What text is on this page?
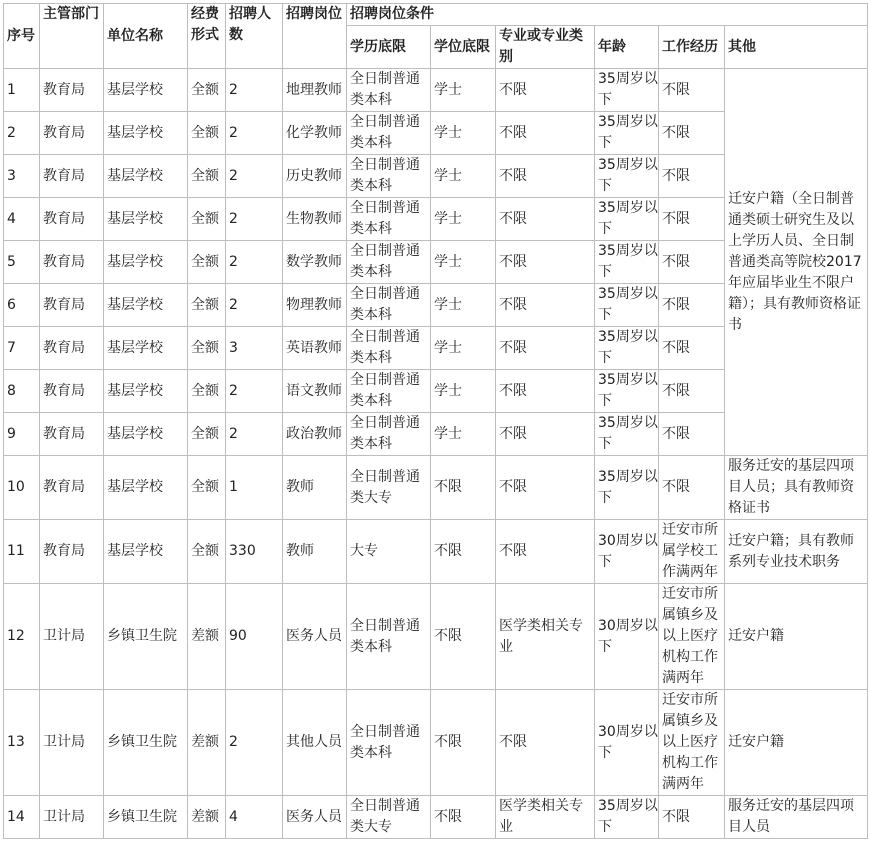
序号	主管部门	单位名称	经费形式	招聘人数	招聘岗位	招聘岗位条件					
						学历底限	学位底限	专业或专业类别	年龄	工作经历	其他
1	教育局	基层学校	全额	2	地理教师	全日制普通类本科	学士	不限	35周岁以下	不限	迁安户籍（全日制普通类硕士研究生及以上学历人员、全日制普通类高等院校2017年应届毕业生不限户籍）；具有教师资格证书
2	教育局	基层学校	全额	2	化学教师	全日制普通类本科	学士	不限	35周岁以下	不限	
3	教育局	基层学校	全额	2	历史教师	全日制普通类本科	学士	不限	35周岁以下	不限	
4	教育局	基层学校	全额	2	生物教师	全日制普通类本科	学士	不限	35周岁以下	不限	
5	教育局	基层学校	全额	2	数学教师	全日制普通类本科	学士	不限	35周岁以下	不限	
6	教育局	基层学校	全额	2	物理教师	全日制普通类本科	学士	不限	35周岁以下	不限	
7	教育局	基层学校	全额	3	英语教师	全日制普通类本科	学士	不限	35周岁以下	不限	
8	教育局	基层学校	全额	2	语文教师	全日制普通类本科	学士	不限	35周岁以下	不限	
9	教育局	基层学校	全额	2	政治教师	全日制普通类本科	学士	不限	35周岁以下	不限	
10	教育局	基层学校	全额	1	教师	全日制普通类大专	不限	不限	35周岁以下	不限	服务迁安的基层四项目人员；具有教师资格证书
11	教育局	基层学校	全额	330	教师	大专	不限	不限	30周岁以下	迁安市所属学校工作满两年	迁安户籍；具有教师系列专业技术职务
12	卫计局	乡镇卫生院	差额	90	医务人员	全日制普通类本科	不限	医学类相关专业	30周岁以下	迁安市所属镇乡及以上医疗机构工作满两年	迁安户籍
13	卫计局	乡镇卫生院	差额	2	其他人员	全日制普通类本科	不限	不限	30周岁以下	迁安市所属镇乡及以上医疗机构工作满两年	迁安户籍
14	卫计局	乡镇卫生院	差额	4	医务人员	全日制普通类大专	不限	医学类相关专业	35周岁以下	不限	服务迁安的基层四项目人员
